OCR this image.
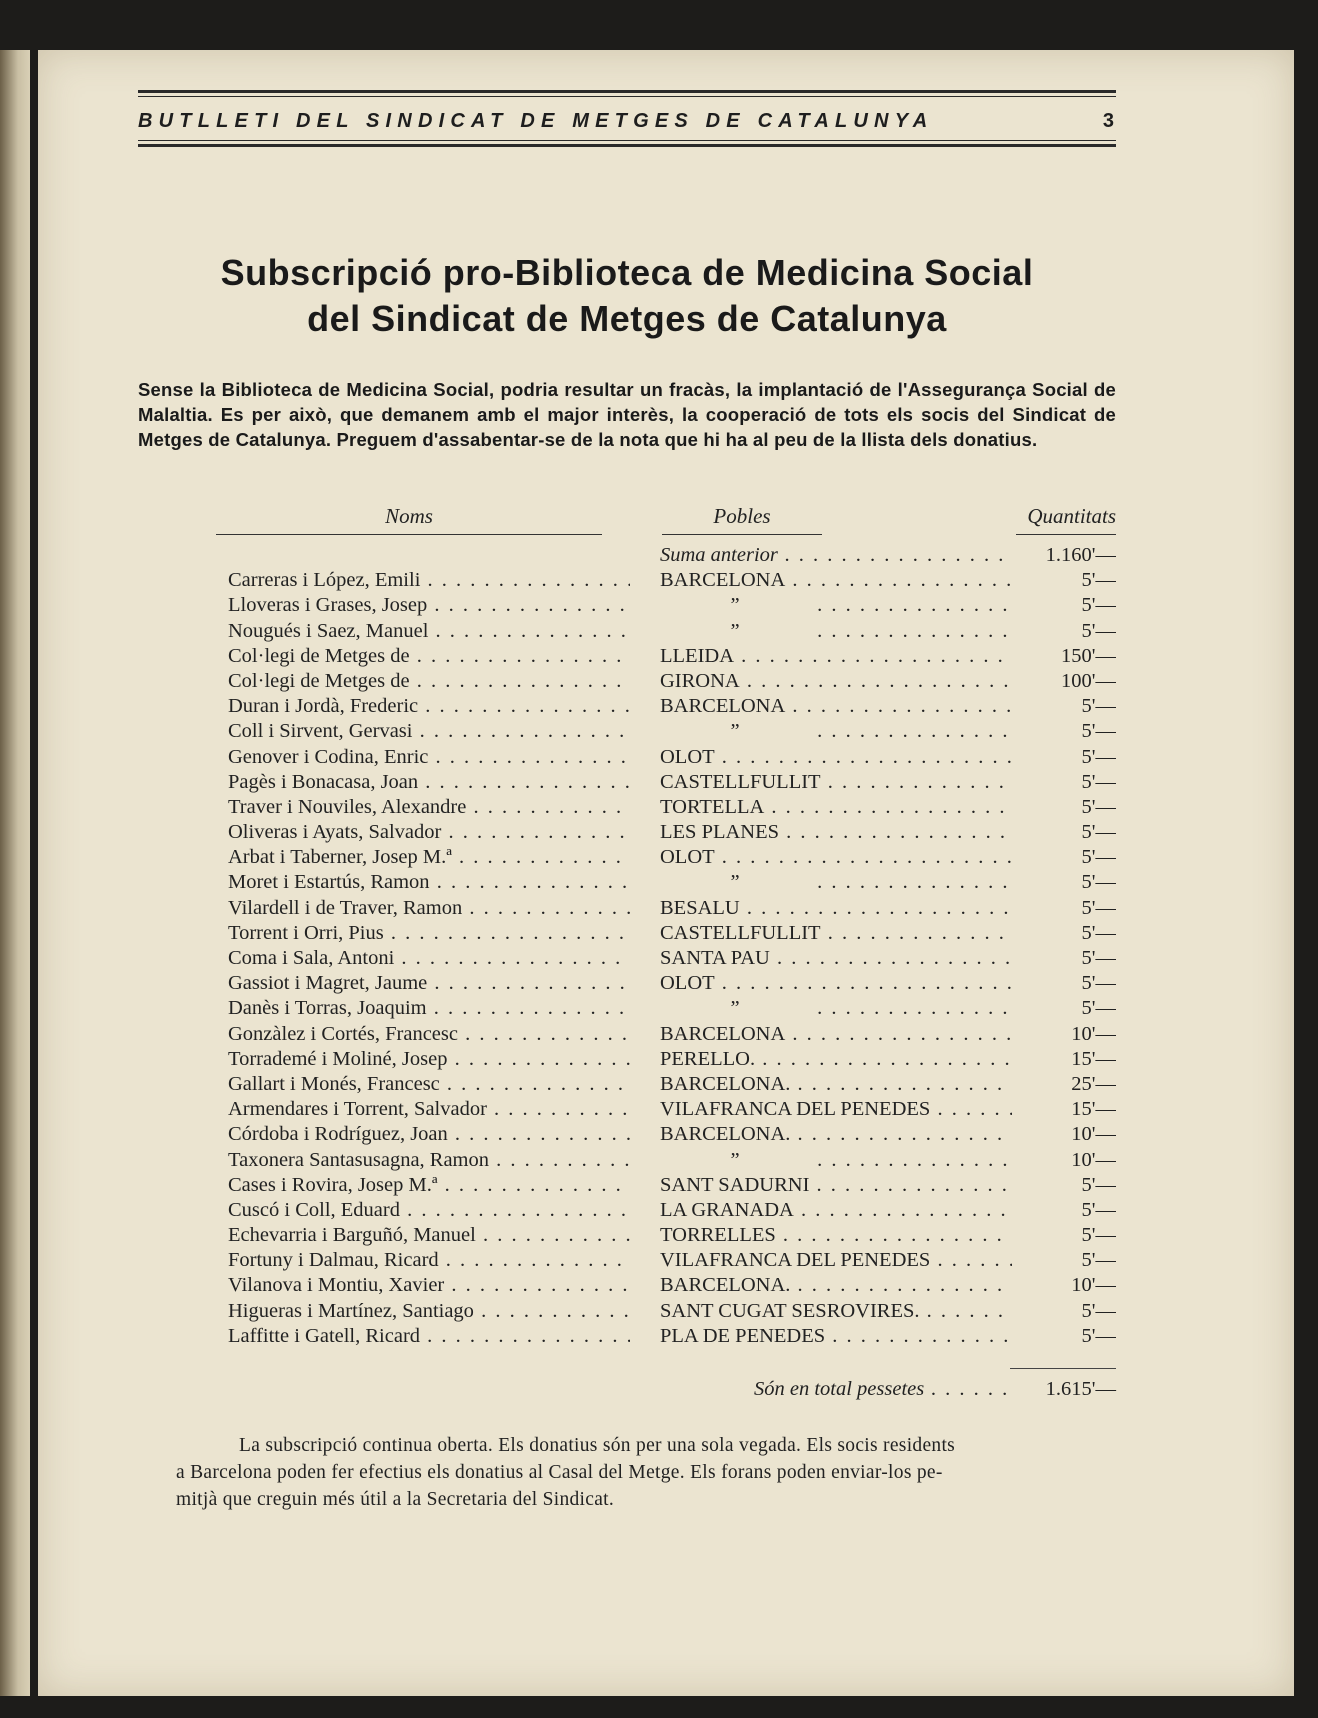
BUTLLETI DEL SINDICAT DE METGES DE CATALUNYA	3
Subscripció pro-Biblioteca de Medicina Social
del Sindicat de Metges de Catalunya
Sense la Biblioteca de Medicina Social, podria resultar un fracàs, la implantació de l'Assegurança Social de Malaltia. Es per això, que demanem amb el major interès, la cooperació de tots els socis del Sindicat de Metges de Catalunya. Preguem d'assabentar-se de la nota que hi ha al peu de la llista dels donatius.
Noms	Pobles	Quantitats
Suma anterior . . .	1.160'—
Carreras i López, Emili . . .	BARCELONA . . .	5'—
Lloveras i Grases, Josep . . .	” . . .	5'—
Nougués i Saez, Manuel . . .	” . . .	5'—
Col·legi de Metges de . . .	LLEIDA . . .	150'—
Col·legi de Metges de . . .	GIRONA . . .	100'—
Duran i Jordà, Frederic . . .	BARCELONA . . .	5'—
Coll i Sirvent, Gervasi . . .	” . . .	5'—
Genover i Codina, Enric . . .	OLOT . . .	5'—
Pagès i Bonacasa, Joan . . .	CASTELLFULLIT . . .	5'—
Traver i Nouviles, Alexandre . . .	TORTELLA . . .	5'—
Oliveras i Ayats, Salvador . . .	LES PLANES . . .	5'—
Arbat i Taberner, Josep M.ª . . .	OLOT . . .	5'—
Moret i Estartús, Ramon . . .	” . . .	5'—
Vilardell i de Traver, Ramon . . .	BESALU . . .	5'—
Torrent i Orri, Pius . . .	CASTELLFULLIT . . .	5'—
Coma i Sala, Antoni . . .	SANTA PAU . . .	5'—
Gassiot i Magret, Jaume . . .	OLOT . . .	5'—
Danès i Torras, Joaquim . . .	” . . .	5'—
Gonzàlez i Cortés, Francesc . . .	BARCELONA . . .	10'—
Torrademé i Moliné, Josep . . .	PERELLO. . . .	15'—
Gallart i Monés, Francesc . . .	BARCELONA. . . .	25'—
Armendares i Torrent, Salvador . . .	VILAFRANCA DEL PENEDES . . .	15'—
Córdoba i Rodríguez, Joan . . .	BARCELONA. . . .	10'—
Taxonera Santasusagna, Ramon . . .	” . . .	10'—
Cases i Rovira, Josep M.ª . . .	SANT SADURNI . . .	5'—
Cuscó i Coll, Eduard . . .	LA GRANADA . . .	5'—
Echevarria i Barguñó, Manuel . . .	TORRELLES . . .	5'—
Fortuny i Dalmau, Ricard . . .	VILAFRANCA DEL PENEDES . . .	5'—
Vilanova i Montiu, Xavier . . .	BARCELONA. . . .	10'—
Higueras i Martínez, Santiago . . .	SANT CUGAT SESROVIRES. . . .	5'—
Laffitte i Gatell, Ricard . . .	PLA DE PENEDES . . .	5'—
Són en total pessetes . . .	1.615'—
La subscripció continua oberta. Els donatius són per una sola vegada. Els socis residents
a Barcelona poden fer efectius els donatius al Casal del Metge. Els forans poden enviar-los pe-
mitjà que creguin més útil a la Secretaria del Sindicat.
